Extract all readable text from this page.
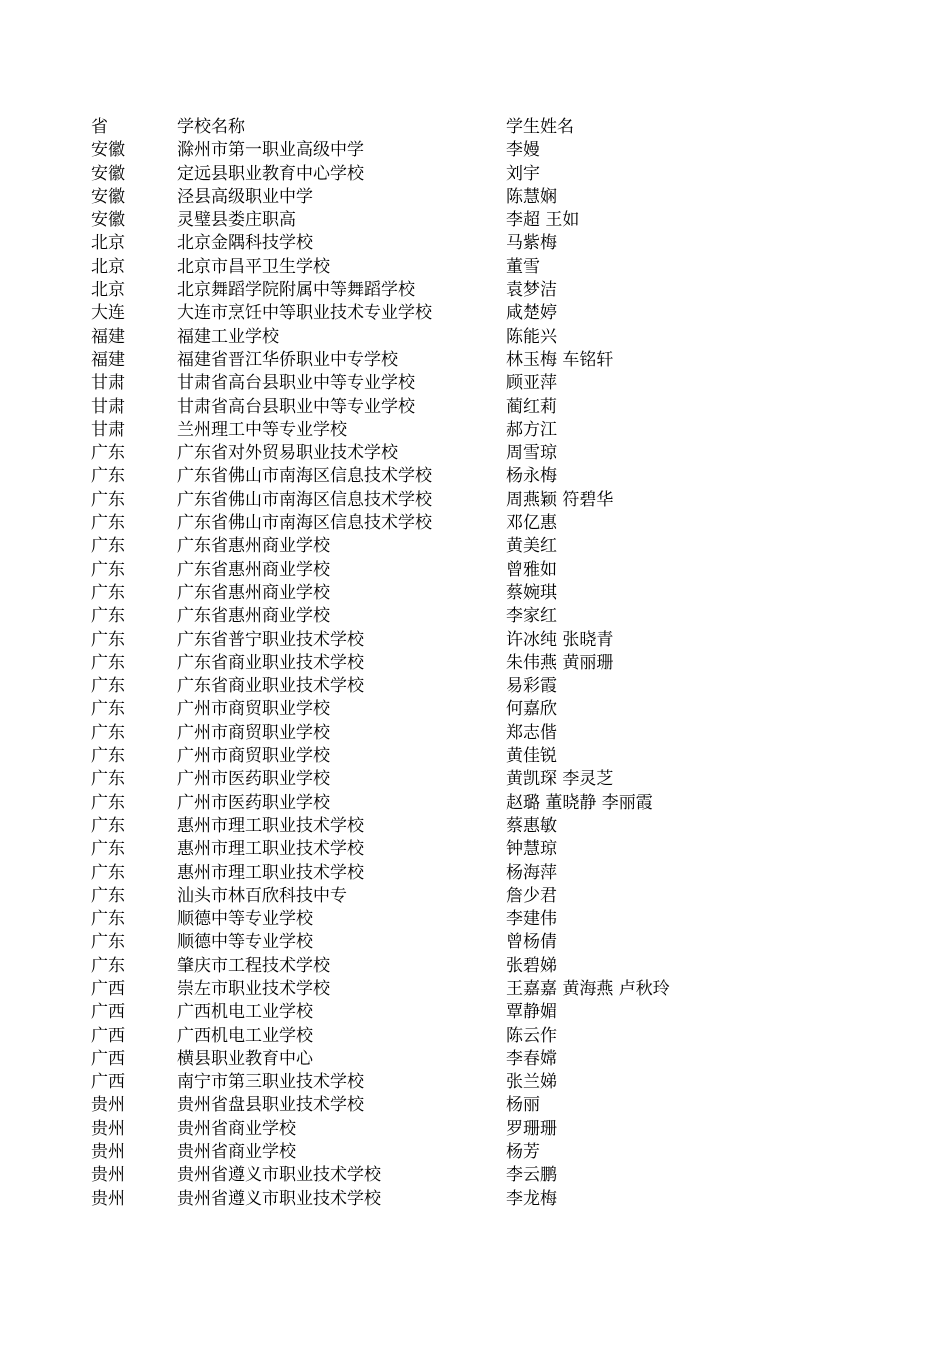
省	学校名称	学生姓名
安徽	滁州市第一职业高级中学	李嫚
安徽	定远县职业教育中心学校	刘宇
安徽	泾县高级职业中学	陈慧娴
安徽	灵璧县娄庄职高	李超 王如
北京	北京金隅科技学校	马紫梅
北京	北京市昌平卫生学校	董雪
北京	北京舞蹈学院附属中等舞蹈学校	袁梦洁
大连	大连市烹饪中等职业技术专业学校	咸楚婷
福建	福建工业学校	陈能兴
福建	福建省晋江华侨职业中专学校	林玉梅 车铭轩
甘肃	甘肃省高台县职业中等专业学校	顾亚萍
甘肃	甘肃省高台县职业中等专业学校	蔺红莉
甘肃	兰州理工中等专业学校	郝方江
广东	广东省对外贸易职业技术学校	周雪琼
广东	广东省佛山市南海区信息技术学校	杨永梅
广东	广东省佛山市南海区信息技术学校	周燕颖 符碧华
广东	广东省佛山市南海区信息技术学校	邓亿惠
广东	广东省惠州商业学校	黄美红
广东	广东省惠州商业学校	曾雅如
广东	广东省惠州商业学校	蔡婉琪
广东	广东省惠州商业学校	李家红
广东	广东省普宁职业技术学校	许冰纯 张晓青
广东	广东省商业职业技术学校	朱伟燕 黄丽珊
广东	广东省商业职业技术学校	易彩霞
广东	广州市商贸职业学校	何嘉欣
广东	广州市商贸职业学校	郑志偕
广东	广州市商贸职业学校	黄佳锐
广东	广州市医药职业学校	黄凯琛 李灵芝
广东	广州市医药职业学校	赵璐 董晓静 李丽霞
广东	惠州市理工职业技术学校	蔡惠敏
广东	惠州市理工职业技术学校	钟慧琼
广东	惠州市理工职业技术学校	杨海萍
广东	汕头市林百欣科技中专	詹少君
广东	顺德中等专业学校	李建伟
广东	顺德中等专业学校	曾杨倩
广东	肇庆市工程技术学校	张碧娣
广西	崇左市职业技术学校	王嘉嘉 黄海燕 卢秋玲
广西	广西机电工业学校	覃静媚
广西	广西机电工业学校	陈云作
广西	横县职业教育中心	李春嫦
广西	南宁市第三职业技术学校	张兰娣
贵州	贵州省盘县职业技术学校	杨丽
贵州	贵州省商业学校	罗珊珊
贵州	贵州省商业学校	杨芳
贵州	贵州省遵义市职业技术学校	李云鹏
贵州	贵州省遵义市职业技术学校	李龙梅
